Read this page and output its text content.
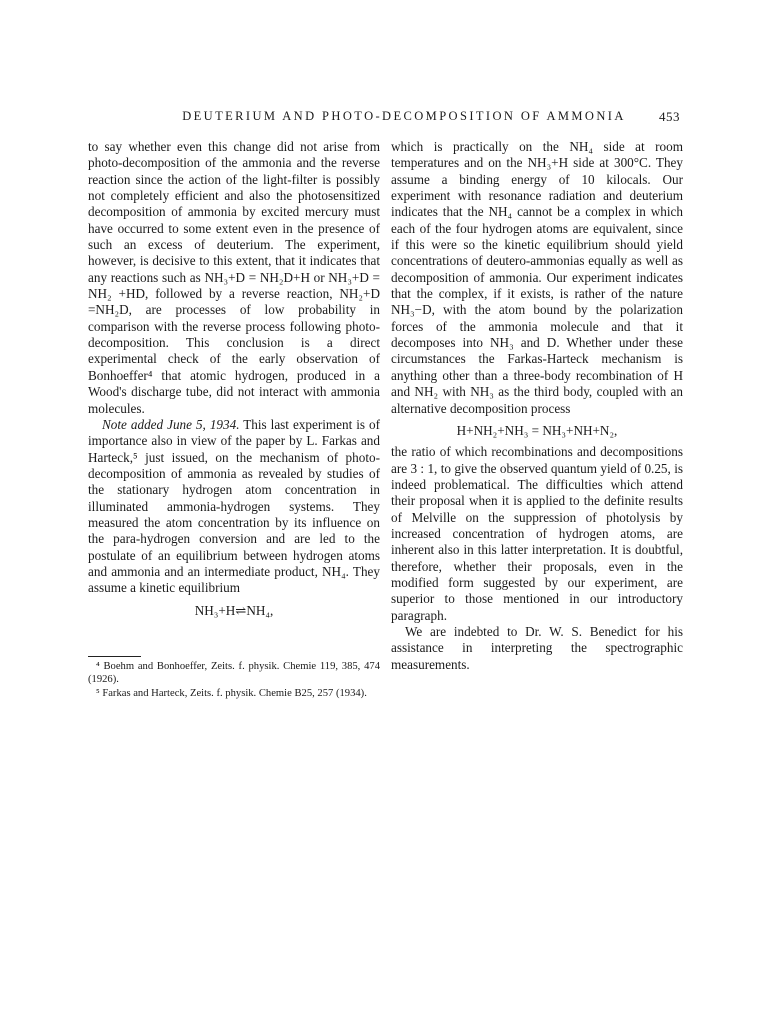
DEUTERIUM AND PHOTO-DECOMPOSITION OF AMMONIA	453

to say whether even this change did not arise from photo-decomposition of the ammonia and the reverse reaction since the action of the light-filter is possibly not completely efficient and also the photosensitized decomposition of ammonia by excited mercury must have occurred to some extent even in the presence of such an excess of deuterium. The experiment, however, is decisive to this extent, that it indicates that any reactions such as NH₃+D = NH₂D+H or NH₃+D = NH₂ +HD, followed by a reverse reaction, NH₂+D =NH₂D, are processes of low probability in comparison with the reverse process following photo-decomposition. This conclusion is a direct experimental check of the early observation of Bonhoeffer⁴ that atomic hydrogen, produced in a Wood's discharge tube, did not interact with ammonia molecules.

Note added June 5, 1934. This last experiment is of importance also in view of the paper by L. Farkas and Harteck,⁵ just issued, on the mechanism of photo-decomposition of ammonia as revealed by studies of the stationary hydrogen atom concentration in illuminated ammonia-hydrogen systems. They measured the atom concentration by its influence on the para-hydrogen conversion and are led to the postulate of an equilibrium between hydrogen atoms and ammonia and an intermediate product, NH₄. They assume a kinetic equilibrium

NH₃+H⇌NH₄,

which is practically on the NH₄ side at room temperatures and on the NH₃+H side at 300°C. They assume a binding energy of 10 kilocals. Our experiment with resonance radiation and deuterium indicates that the NH₄ cannot be a complex in which each of the four hydrogen atoms are equivalent, since if this were so the kinetic equilibrium should yield concentrations of deutero-ammonias equally as well as decomposition of ammonia. Our experiment indicates that the complex, if it exists, is rather of the nature NH₃−D, with the atom bound by the polarization forces of the ammonia molecule and that it decomposes into NH₃ and D. Whether under these circumstances the Farkas-Harteck mechanism is anything other than a three-body recombination of H and NH₂ with NH₃ as the third body, coupled with an alternative decomposition process

H+NH₂+NH₃ = NH₃+NH+N₂,

the ratio of which recombinations and decompositions are 3 : 1, to give the observed quantum yield of 0.25, is indeed problematical. The difficulties which attend their proposal when it is applied to the definite results of Melville on the suppression of photolysis by increased concentration of hydrogen atoms, are inherent also in this latter interpretation. It is doubtful, therefore, whether their proposals, even in the modified form suggested by our experiment, are superior to those mentioned in our introductory paragraph.

We are indebted to Dr. W. S. Benedict for his assistance in interpreting the spectrographic measurements.

⁴ Boehm and Bonhoeffer, Zeits. f. physik. Chemie 119, 385, 474 (1926).

⁵ Farkas and Harteck, Zeits. f. physik. Chemie B25, 257 (1934).
